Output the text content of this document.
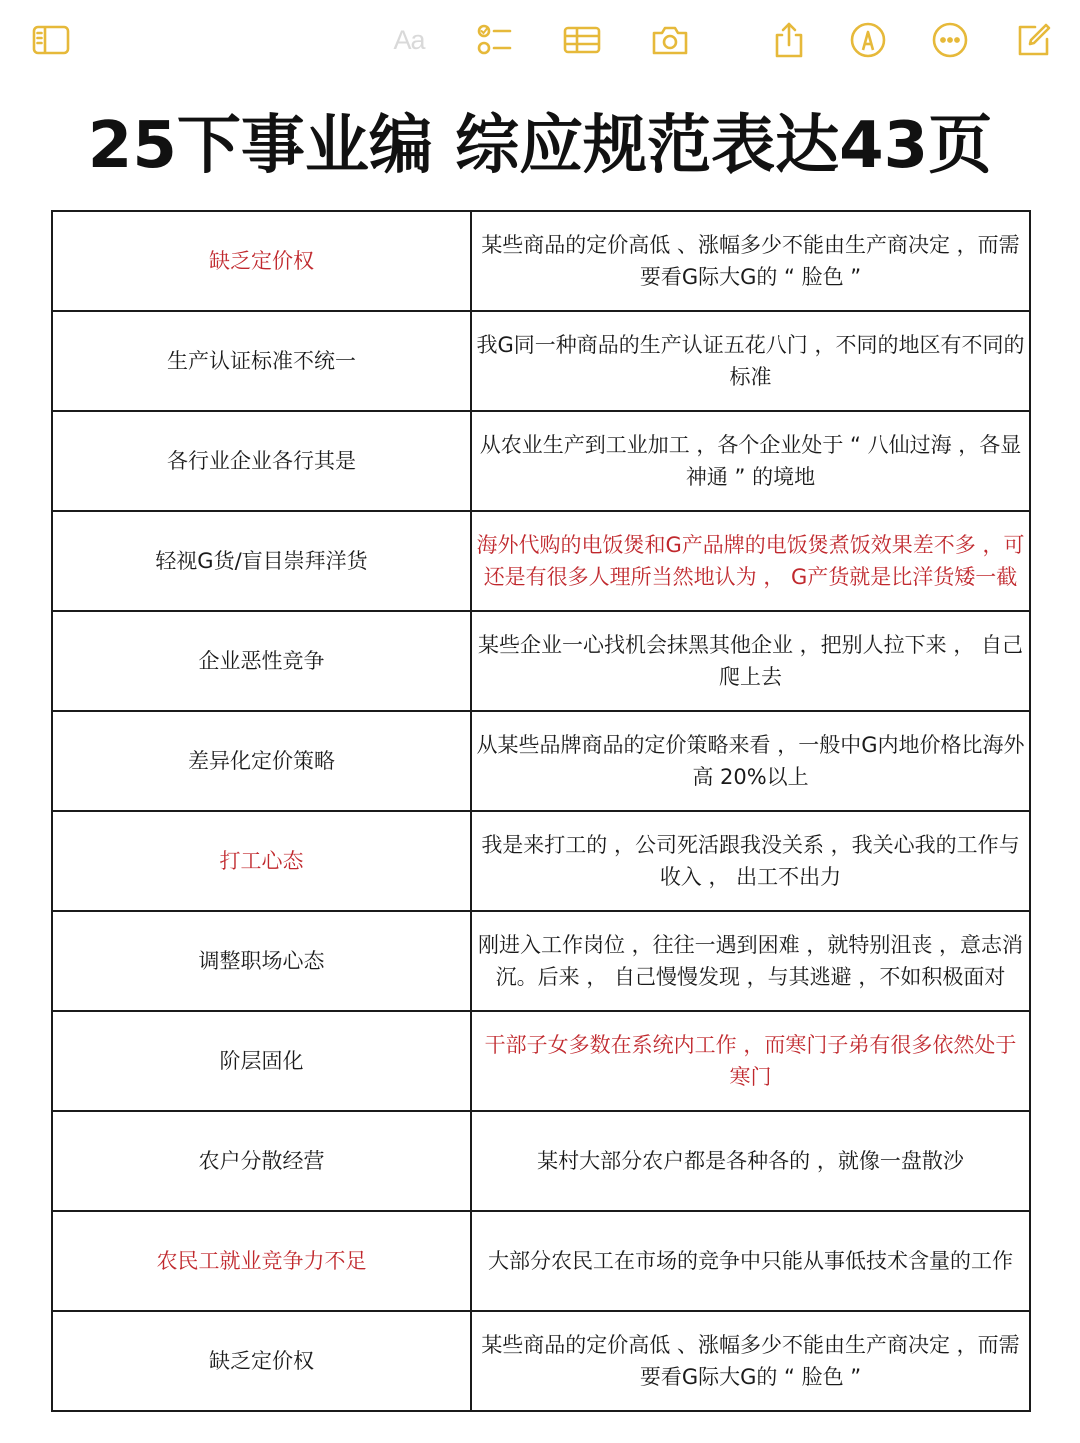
Aa
25下事业编 综应规范表达43页
缺乏定价权	某些商品的定价高低 、涨幅多少不能由生产商决定 ，而需要看G际大G的 “ 脸色 ”
生产认证标准不统一	我G同一种商品的生产认证五花八门 ，不同的地区有不同的标准
各行业企业各行其是	从农业生产到工业加工 ，各个企业处于 “ 八仙过海 ，各显神通 ” 的境地
轻视G货/盲目崇拜洋货	海外代购的电饭煲和G产品牌的电饭煲煮饭效果差不多 ，可还是有很多人理所当然地认为 ， G产货就是比洋货矮一截
企业恶性竞争	某些企业一心找机会抹黑其他企业 ，把别人拉下来 ， 自己爬上去
差异化定价策略	从某些品牌商品的定价策略来看 ，一般中G内地价格比海外高 20%以上
打工心态	我是来打工的 ，公司死活跟我没关系 ，我关心我的工作与收入 ， 出工不出力
调整职场心态	刚进入工作岗位 ，往往一遇到困难 ，就特别沮丧 ，意志消沉。后来 ， 自己慢慢发现 ，与其逃避 ，不如积极面对
阶层固化	干部子女多数在系统内工作 ，而寒门子弟有很多依然处于寒门
农户分散经营	某村大部分农户都是各种各的 ，就像一盘散沙
农民工就业竞争力不足	大部分农民工在市场的竞争中只能从事低技术含量的工作
缺乏定价权	某些商品的定价高低 、涨幅多少不能由生产商决定 ，而需要看G际大G的 “ 脸色 ”
